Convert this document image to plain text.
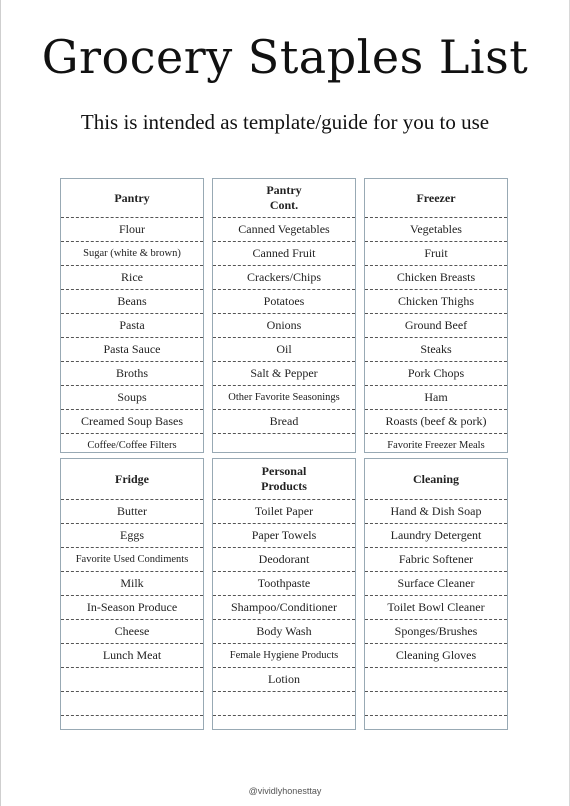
Grocery Staples List
This is intended as template/guide for you to use
Pantry
Flour
Sugar (white & brown)
Rice
Beans
Pasta
Pasta Sauce
Broths
Soups
Creamed Soup Bases
Coffee/Coffee Filters
Pantry
Cont.
Canned Vegetables
Canned Fruit
Crackers/Chips
Potatoes
Onions
Oil
Salt & Pepper
Other Favorite Seasonings
Bread
Freezer
Vegetables
Fruit
Chicken Breasts
Chicken Thighs
Ground Beef
Steaks
Pork Chops
Ham
Roasts (beef & pork)
Favorite Freezer Meals
Fridge
Butter
Eggs
Favorite Used Condiments
Milk
In-Season Produce
Cheese
Lunch Meat
Personal
Products
Toilet Paper
Paper Towels
Deodorant
Toothpaste
Shampoo/Conditioner
Body Wash
Female Hygiene Products
Lotion
Cleaning
Hand & Dish Soap
Laundry Detergent
Fabric Softener
Surface Cleaner
Toilet Bowl Cleaner
Sponges/Brushes
Cleaning Gloves
@vividlyhonesttay
